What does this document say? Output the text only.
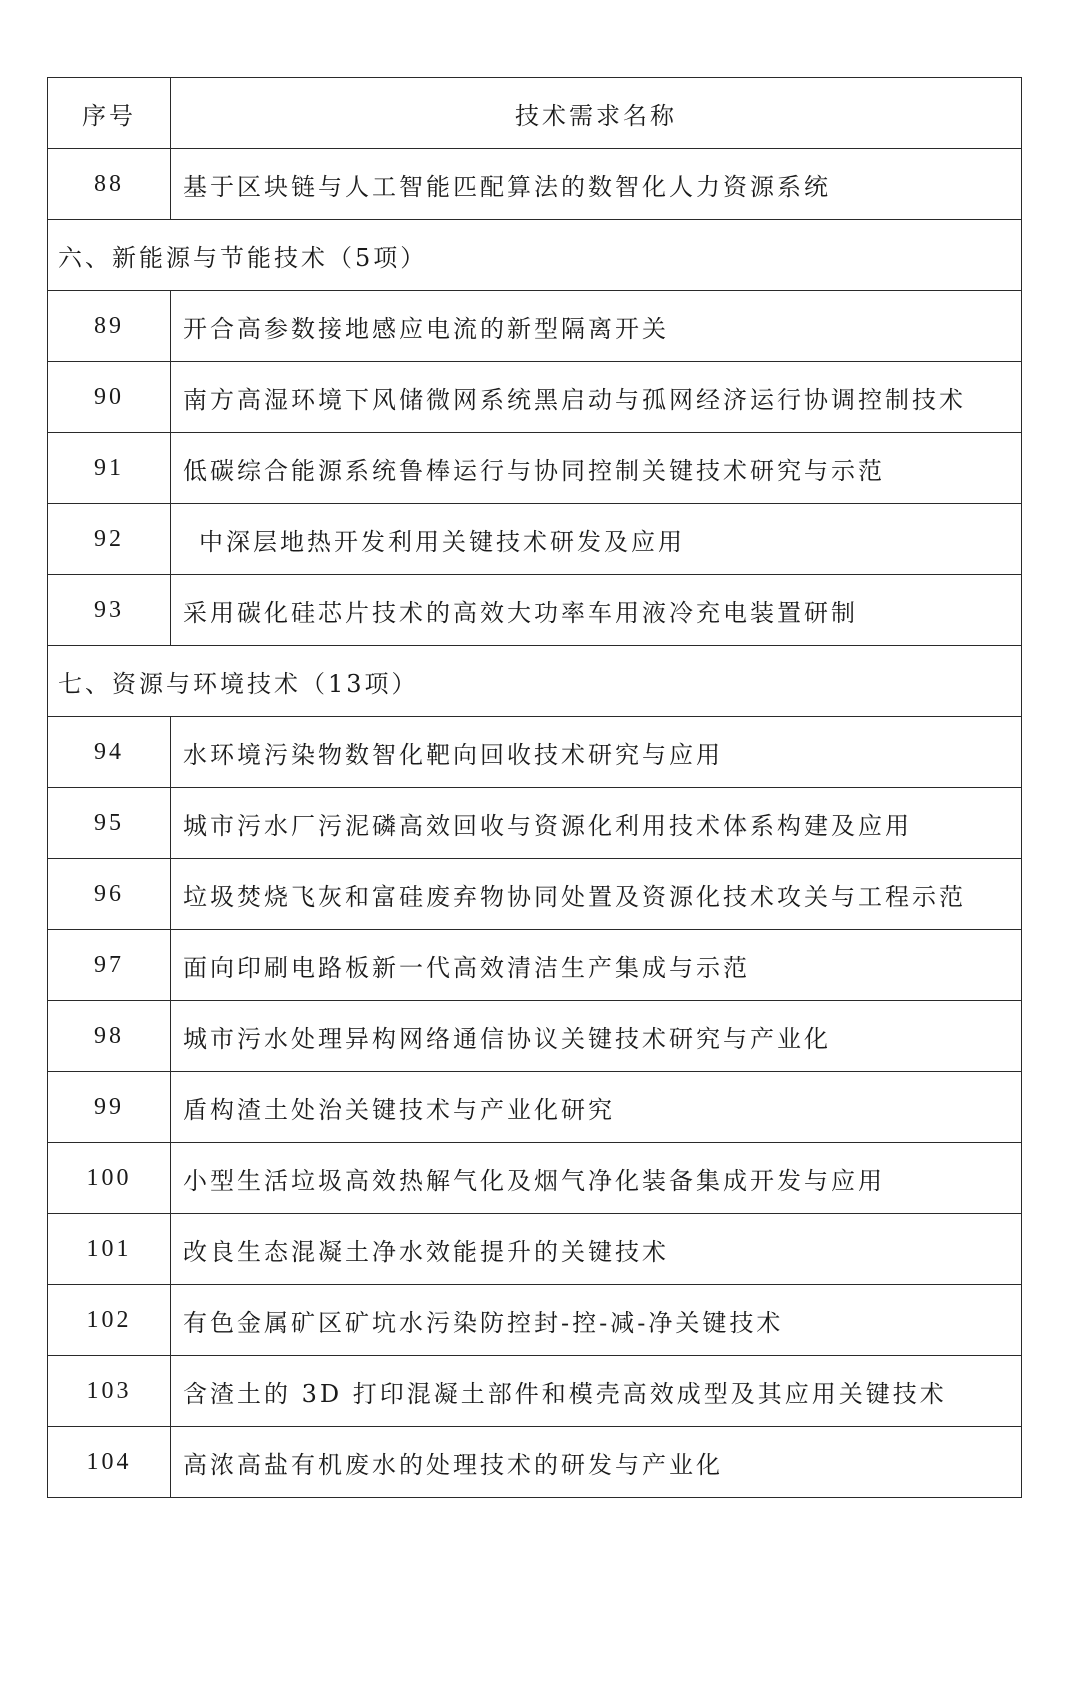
序号	技术需求名称
88	基于区块链与人工智能匹配算法的数智化人力资源系统
六、新能源与节能技术（5项）	
89	开合高参数接地感应电流的新型隔离开关
90	南方高湿环境下风储微网系统黑启动与孤网经济运行协调控制技术
91	低碳综合能源系统鲁棒运行与协同控制关键技术研究与示范
92	中深层地热开发利用关键技术研发及应用
93	采用碳化硅芯片技术的高效大功率车用液冷充电装置研制
七、资源与环境技术（13项）	
94	水环境污染物数智化靶向回收技术研究与应用
95	城市污水厂污泥磷高效回收与资源化利用技术体系构建及应用
96	垃圾焚烧飞灰和富硅废弃物协同处置及资源化技术攻关与工程示范
97	面向印刷电路板新一代高效清洁生产集成与示范
98	城市污水处理异构网络通信协议关键技术研究与产业化
99	盾构渣土处治关键技术与产业化研究
100	小型生活垃圾高效热解气化及烟气净化装备集成开发与应用
101	改良生态混凝土净水效能提升的关键技术
102	有色金属矿区矿坑水污染防控封-控-减-净关键技术
103	含渣土的 3D 打印混凝土部件和模壳高效成型及其应用关键技术
104	高浓高盐有机废水的处理技术的研发与产业化
